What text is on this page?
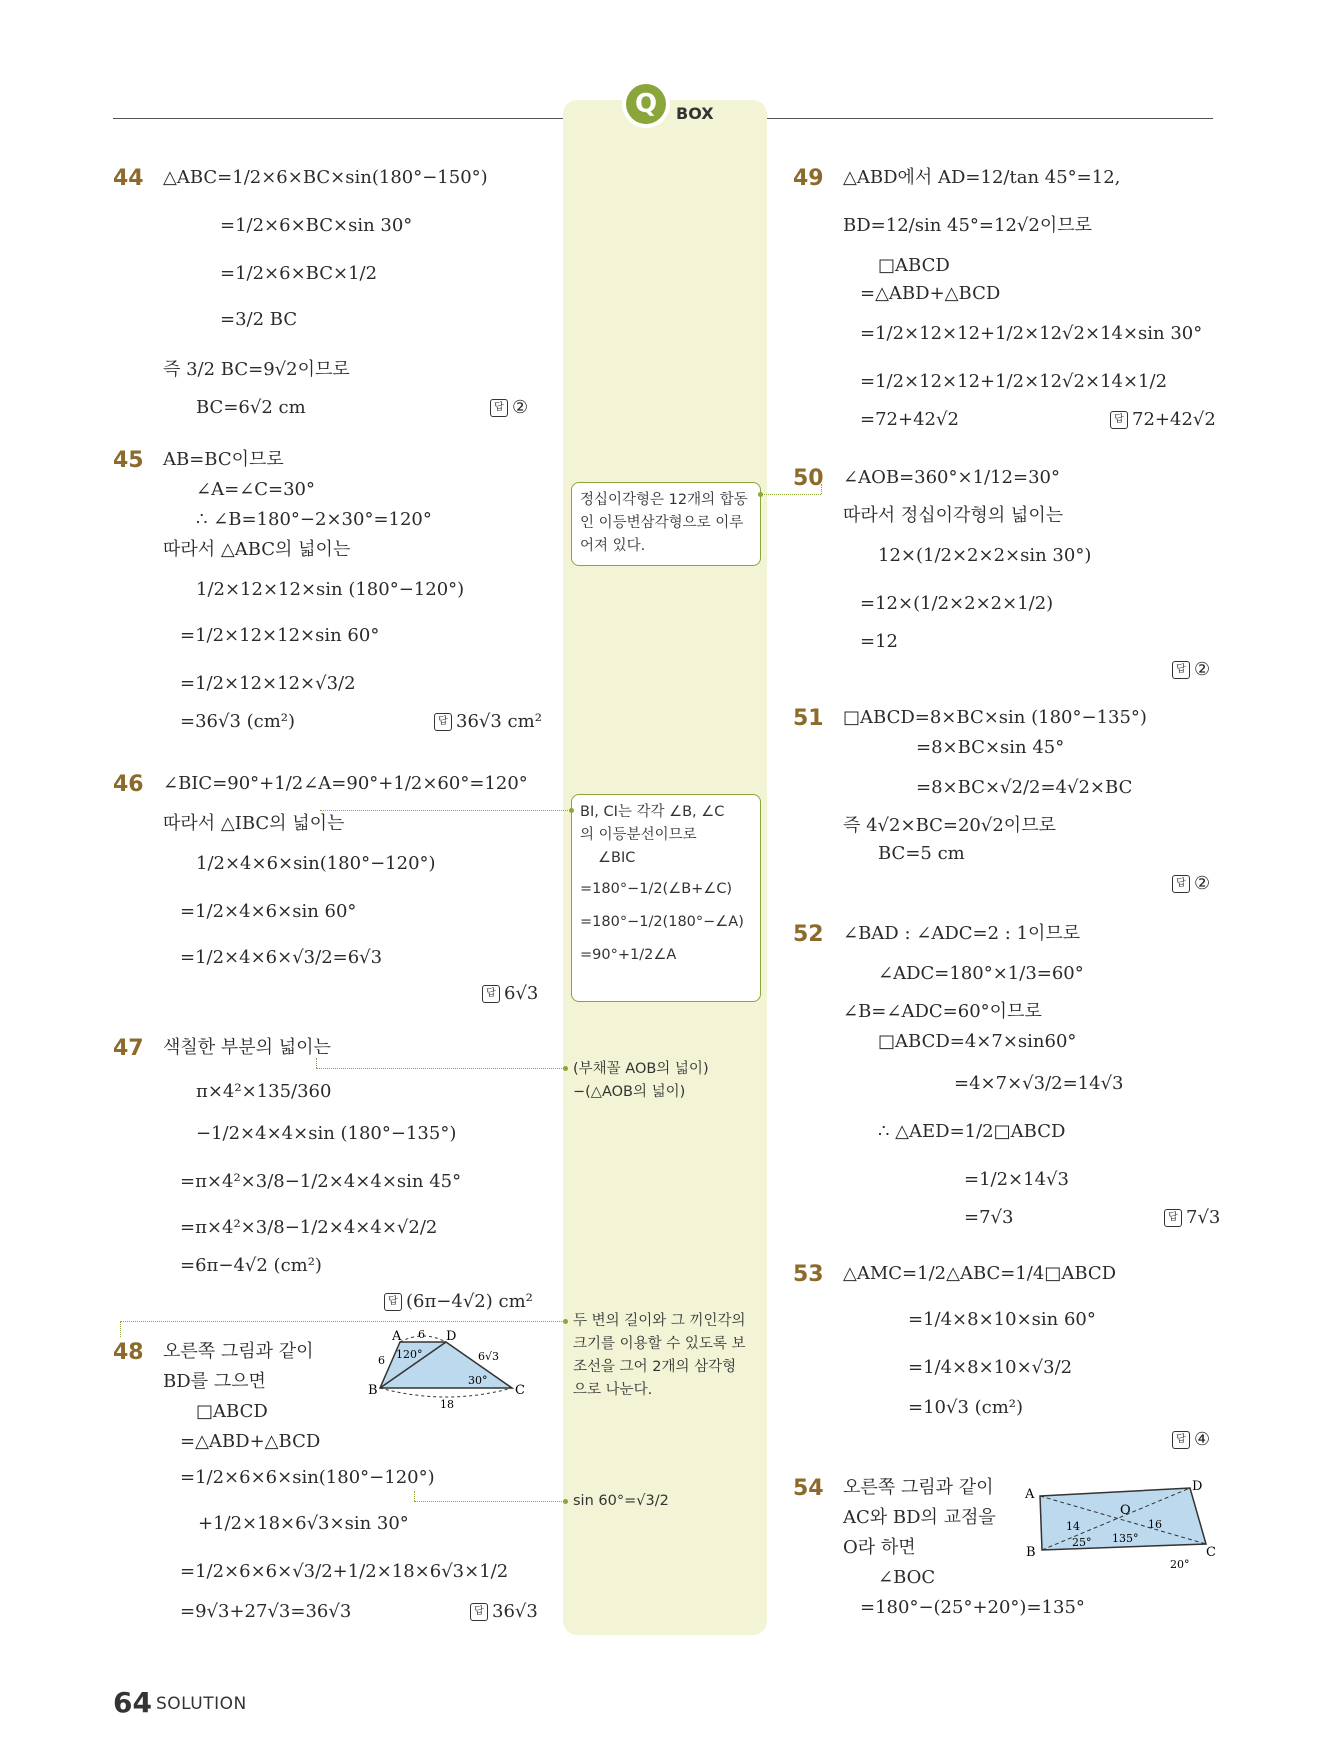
Q	BOX
44 △ABC=1/2×6×BC×sin(180°−150°)
=1/2×6×BC×sin 30°
=1/2×6×BC×1/2
=3/2 BC
즉 3/2 BC=9√2이므로
BC=6√2 cm	답 ②
45 AB=BC이므로
∠A=∠C=30°
∴ ∠B=180°−2×30°=120°
따라서 △ABC의 넓이는
1/2×12×12×sin (180°−120°)
=1/2×12×12×sin 60°
=1/2×12×12×√3/2
=36√3 (cm²)	답 36√3 cm²
46 ∠BIC=90°+1/2∠A=90°+1/2×60°=120°
따라서 △IBC의 넓이는
1/2×4×6×sin(180°−120°)
=1/2×4×6×sin 60°
=1/2×4×6×√3/2=6√3
답 6√3
47 색칠한 부분의 넓이는
π×4²×135/360
−1/2×4×4×sin (180°−135°)
=π×4²×3/8−1/2×4×4×sin 45°
=π×4²×3/8−1/2×4×4×√2/2
=6π−4√2 (cm²)
답 (6π−4√2) cm²
48 오른쪽 그림과 같이
BD를 그으면
□ABCD
=△ABD+△BCD
=1/2×6×6×sin(180°−120°)
+1/2×18×6√3×sin 30°
=1/2×6×6×√3/2+1/2×18×6√3×1/2
=9√3+27√3=36√3	답 36√3
A	D
B	C
6
6	6√3
18
120°
30°
49 △ABD에서 AD=12/tan 45°=12,
BD=12/sin 45°=12√2이므로
□ABCD
=△ABD+△BCD
=1/2×12×12+1/2×12√2×14×sin 30°
=1/2×12×12+1/2×12√2×14×1/2
=72+42√2	답 72+42√2
50 ∠AOB=360°×1/12=30°
따라서 정십이각형의 넓이는
12×(1/2×2×2×sin 30°)
=12×(1/2×2×2×1/2)
=12
답 ②
51 □ABCD=8×BC×sin (180°−135°)
=8×BC×sin 45°
=8×BC×√2/2=4√2×BC
즉 4√2×BC=20√2이므로
BC=5 cm
답 ②
52 ∠BAD : ∠ADC=2 : 1이므로
∠ADC=180°×1/3=60°
∠B=∠ADC=60°이므로
□ABCD=4×7×sin60°
=4×7×√3/2=14√3
∴ △AED=1/2□ABCD
=1/2×14√3
=7√3	답 7√3
53 △AMC=1/2△ABC=1/4□ABCD
=1/4×8×10×sin 60°
=1/4×8×10×√3/2
=10√3 (cm²)
답 ④
54 오른쪽 그림과 같이
AC와 BD의 교점을
O라 하면
∠BOC
=180°−(25°+20°)=135°
A
D
B	C
O
14	16
25° 135°
20°
정십이각형은 12개의 합동인 이등변삼각형으로 이루어져 있다.
BI, CI는 각각 ∠B, ∠C
의 이등분선이므로
∠BIC
=180°−1/2(∠B+∠C)
=180°−1/2(180°−∠A)
=90°+1/2∠A
(부채꼴 AOB의 넓이)
−(△AOB의 넓이)
두 변의 길이와 그 끼인각의
크기를 이용할 수 있도록 보
조선을 그어 2개의 삼각형
으로 나눈다.
sin 60°=√3/2
64 SOLUTION
